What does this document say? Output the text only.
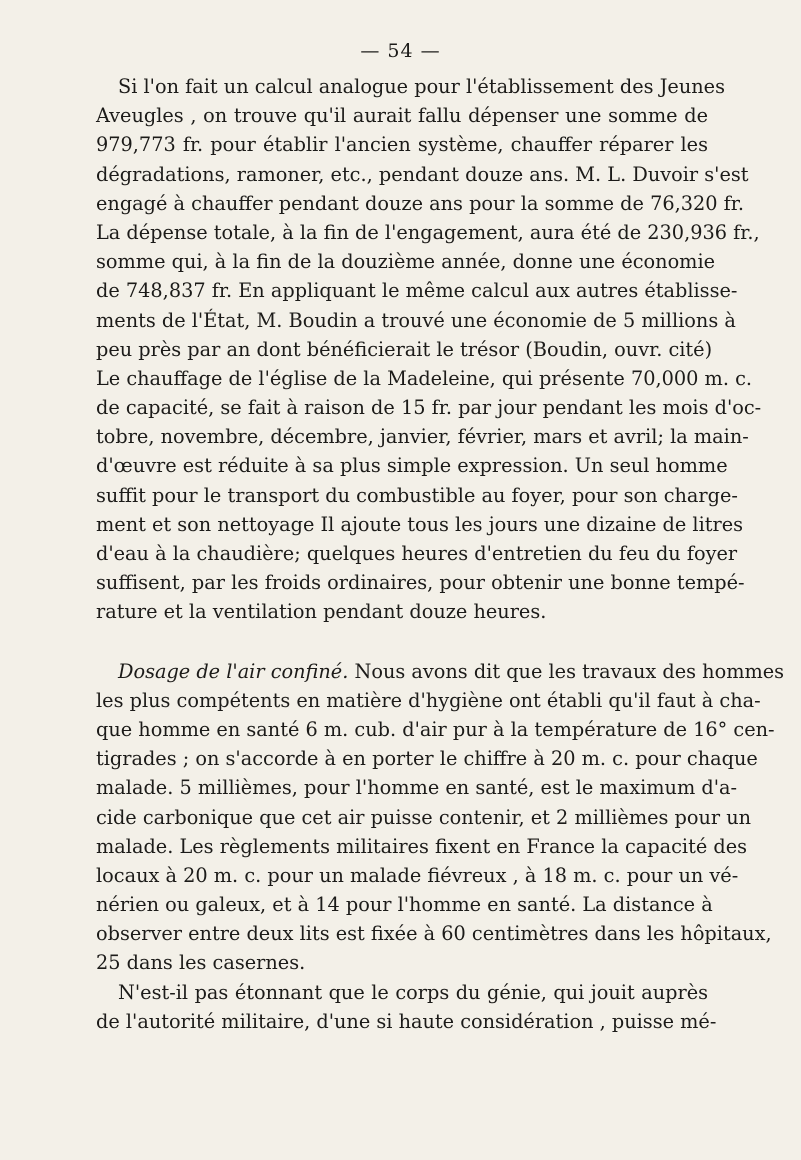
— 54 —
Si l'on fait un calcul analogue pour l'établissement des Jeunes
Aveugles , on trouve qu'il aurait fallu dépenser une somme de
979,773 fr. pour établir l'ancien système, chauffer réparer les
dégradations, ramoner, etc., pendant douze ans. M. L. Duvoir s'est
engagé à chauffer pendant douze ans pour la somme de 76,320 fr.
La dépense totale, à la fin de l'engagement, aura été de 230,936 fr.,
somme qui, à la fin de la douzième année, donne une économie
de 748,837 fr. En appliquant le même calcul aux autres établisse-
ments de l'État, M. Boudin a trouvé une économie de 5 millions à
peu près par an dont bénéficierait le trésor (Boudin, ouvr. cité)
Le chauffage de l'église de la Madeleine, qui présente 70,000 m. c.
de capacité, se fait à raison de 15 fr. par jour pendant les mois d'oc-
tobre, novembre, décembre, janvier, février, mars et avril; la main-
d'œuvre est réduite à sa plus simple expression. Un seul homme
suffit pour le transport du combustible au foyer, pour son charge-
ment et son nettoyage Il ajoute tous les jours une dizaine de litres
d'eau à la chaudière; quelques heures d'entretien du feu du foyer
suffisent, par les froids ordinaires, pour obtenir une bonne tempé-
rature et la ventilation pendant douze heures.
Dosage de l'air confiné. Nous avons dit que les travaux des hommes
les plus compétents en matière d'hygiène ont établi qu'il faut à cha-
que homme en santé 6 m. cub. d'air pur à la température de 16° cen-
tigrades ; on s'accorde à en porter le chiffre à 20 m. c. pour chaque
malade. 5 millièmes, pour l'homme en santé, est le maximum d'a-
cide carbonique que cet air puisse contenir, et 2 millièmes pour un
malade. Les règlements militaires fixent en France la capacité des
locaux à 20 m. c. pour un malade fiévreux , à 18 m. c. pour un vé-
nérien ou galeux, et à 14 pour l'homme en santé. La distance à
observer entre deux lits est fixée à 60 centimètres dans les hôpitaux,
25 dans les casernes.
N'est-il pas étonnant que le corps du génie, qui jouit auprès
de l'autorité militaire, d'une si haute considération , puisse mé-
